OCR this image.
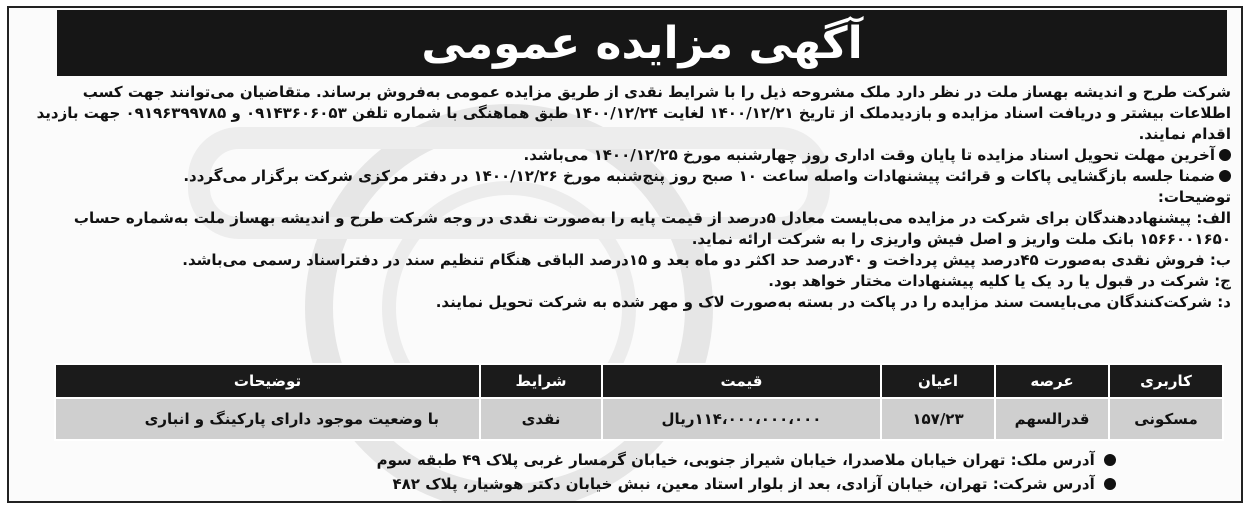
آگهی مزایده عمومی

شرکت طرح و اندیشه بهساز ملت در نظر دارد ملک مشروحه ذیل را با شرایط نقدی از طریق مزایده عمومی به‌فروش برساند. متقاضیان می‌توانند جهت کسب اطلاعات بیشتر و دریافت اسناد مزایده و بازدیدملک از تاریخ ۱۴۰۰/۱۲/۲۱ لغایت ۱۴۰۰/۱۲/۲۴ طبق هماهنگی با شماره تلفن ۰۹۱۴۳۶۰۶۰۵۳ و ۰۹۱۹۶۳۹۹۷۸۵ جهت بازدید اقدام نمایند.

آخرین مهلت تحویل اسناد مزایده تا پایان وقت اداری روز چهارشنبه مورخ ۱۴۰۰/۱۲/۲۵ می‌باشد.

ضمنا جلسه بازگشایی پاکات و قرائت پیشنهادات واصله ساعت ۱۰ صبح روز پنج‌شنبه مورخ ۱۴۰۰/۱۲/۲۶ در دفتر مرکزی شرکت برگزار می‌گردد.

توضیحات:

الف: پیشنهاددهندگان برای شرکت در مزایده می‌بایست معادل ۵درصد از قیمت پایه را به‌صورت نقدی در وجه شرکت طرح و اندیشه بهساز ملت به‌شماره حساب ۱۵۶۶۰۰۱۶۵۰ بانک ملت واریز و اصل فیش واریزی را به شرکت ارائه نماید.

ب: فروش نقدی به‌صورت ۴۵درصد پیش پرداخت و ۴۰درصد حد اکثر دو ماه بعد و ۱۵درصد الباقی هنگام تنظیم سند در دفتراسناد رسمی می‌باشد.

ج: شرکت در قبول یا رد یک یا کلیه پیشنهادات مختار خواهد بود.

د: شرکت‌کنندگان می‌بایست سند مزایده را در پاکت در بسته به‌صورت لاک و مهر شده به شرکت تحویل نمایند.

کاربری	عرصه	اعیان	قیمت	شرایط	توضیحات
مسکونی	قدرالسهم	۱۵۷/۲۳	۱۱۴،۰۰۰،۰۰۰،۰۰۰ریال	نقدی	با وضعیت موجود دارای پارکینگ و انباری

آدرس ملک: تهران خیابان ملاصدرا، خیابان شیراز جنوبی، خیابان گرمسار غربی پلاک ۴۹ طبقه سوم

آدرس شرکت: تهران، خیابان آزادی، بعد از بلوار استاد معین، نبش خیابان دکتر هوشیار، پلاک ۴۸۲
